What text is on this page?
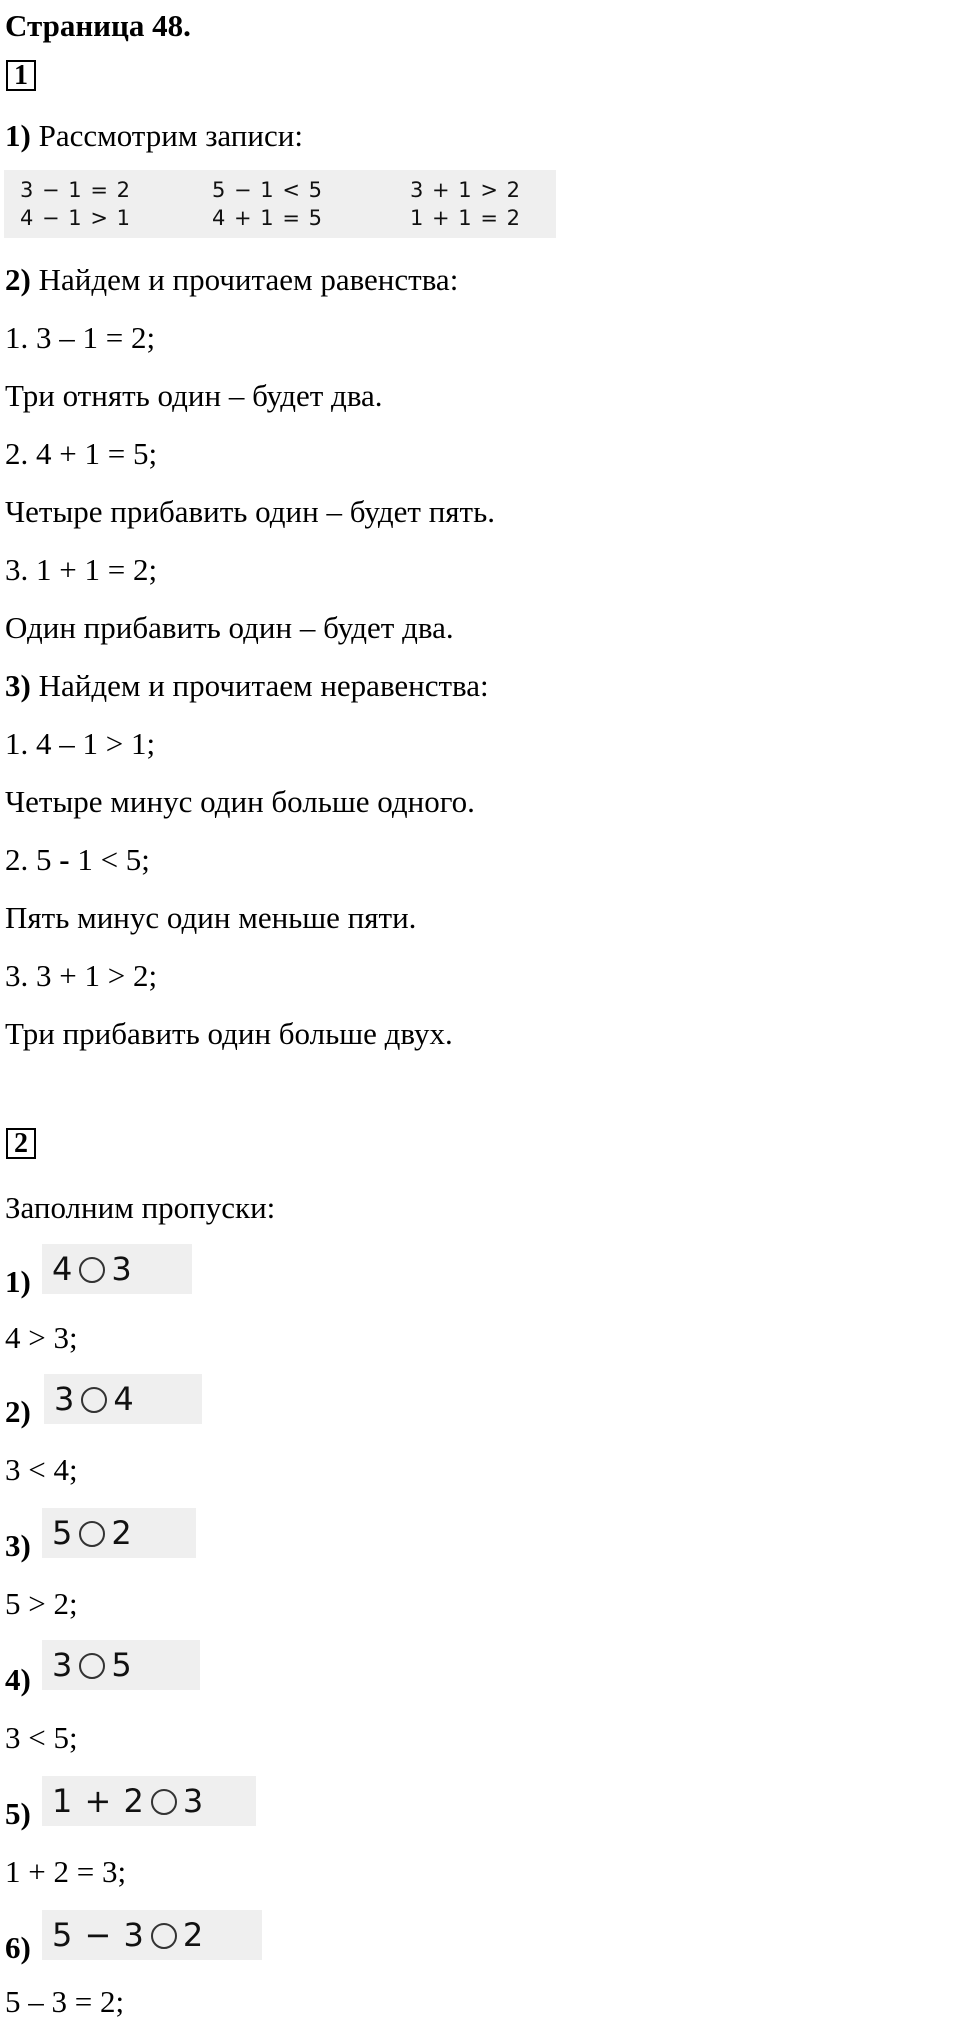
Страница 48.
1
1) Рассмотрим записи:
3 − 1 = 2	5 − 1 < 5	3 + 1 > 2
4 − 1 > 1	4 + 1 = 5	1 + 1 = 2
2) Найдем и прочитаем равенства:
1. 3 – 1 = 2;
Три отнять один – будет два.
2. 4 + 1 = 5;
Четыре прибавить один – будет пять.
3. 1 + 1 = 2;
Один прибавить один – будет два.
3) Найдем и прочитаем неравенства:
1. 4 – 1 > 1;
Четыре минус один больше одного.
2. 5 - 1 < 5;
Пять минус один меньше пяти.
3. 3 + 1 > 2;
Три прибавить один больше двух.
2
Заполним пропуски:
1) 4 3
4 > 3;
2) 3 4
3 < 4;
3) 5 2
5 > 2;
4) 3 5
3 < 5;
5) 1 + 2 3
1 + 2 = 3;
6) 5 − 3 2
5 – 3 = 2;
